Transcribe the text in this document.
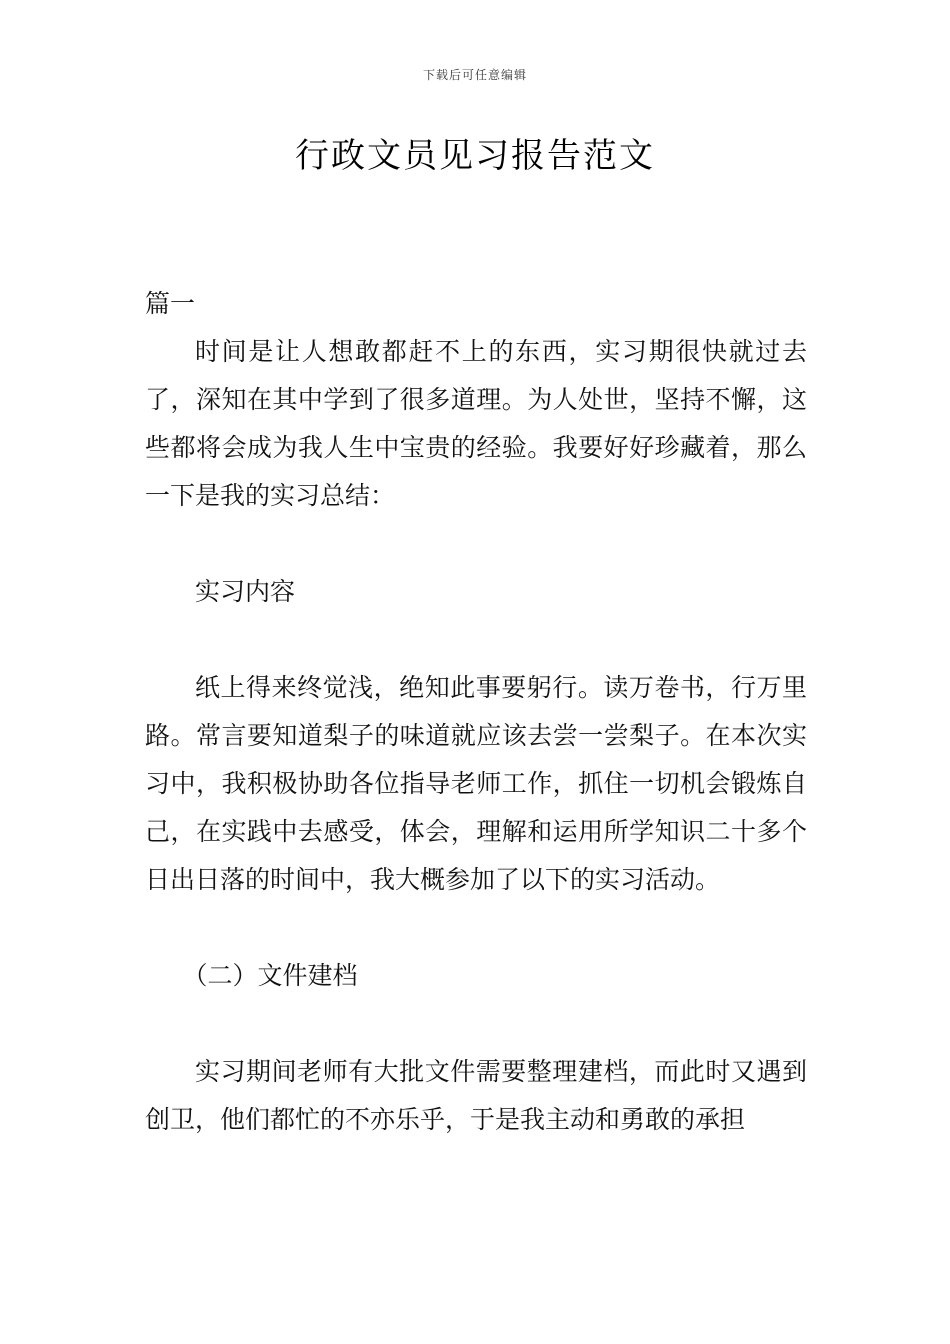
下载后可任意编辑
行政文员见习报告范文

篇一

时间是让人想敢都赶不上的东西，实习期很快就过去了，深知在其中学到了很多道理。为人处世，坚持不懈，这些都将会成为我人生中宝贵的经验。我要好好珍藏着，那么一下是我的实习总结：

实习内容

纸上得来终觉浅，绝知此事要躬行。读万卷书，行万里路。常言要知道梨子的味道就应该去尝一尝梨子。在本次实习中，我积极协助各位指导老师工作，抓住一切机会锻炼自己，在实践中去感受，体会，理解和运用所学知识二十多个日出日落的时间中，我大概参加了以下的实习活动。

（二）文件建档

实习期间老师有大批文件需要整理建档，而此时又遇到创卫，他们都忙的不亦乐乎，于是我主动和勇敢的承担
